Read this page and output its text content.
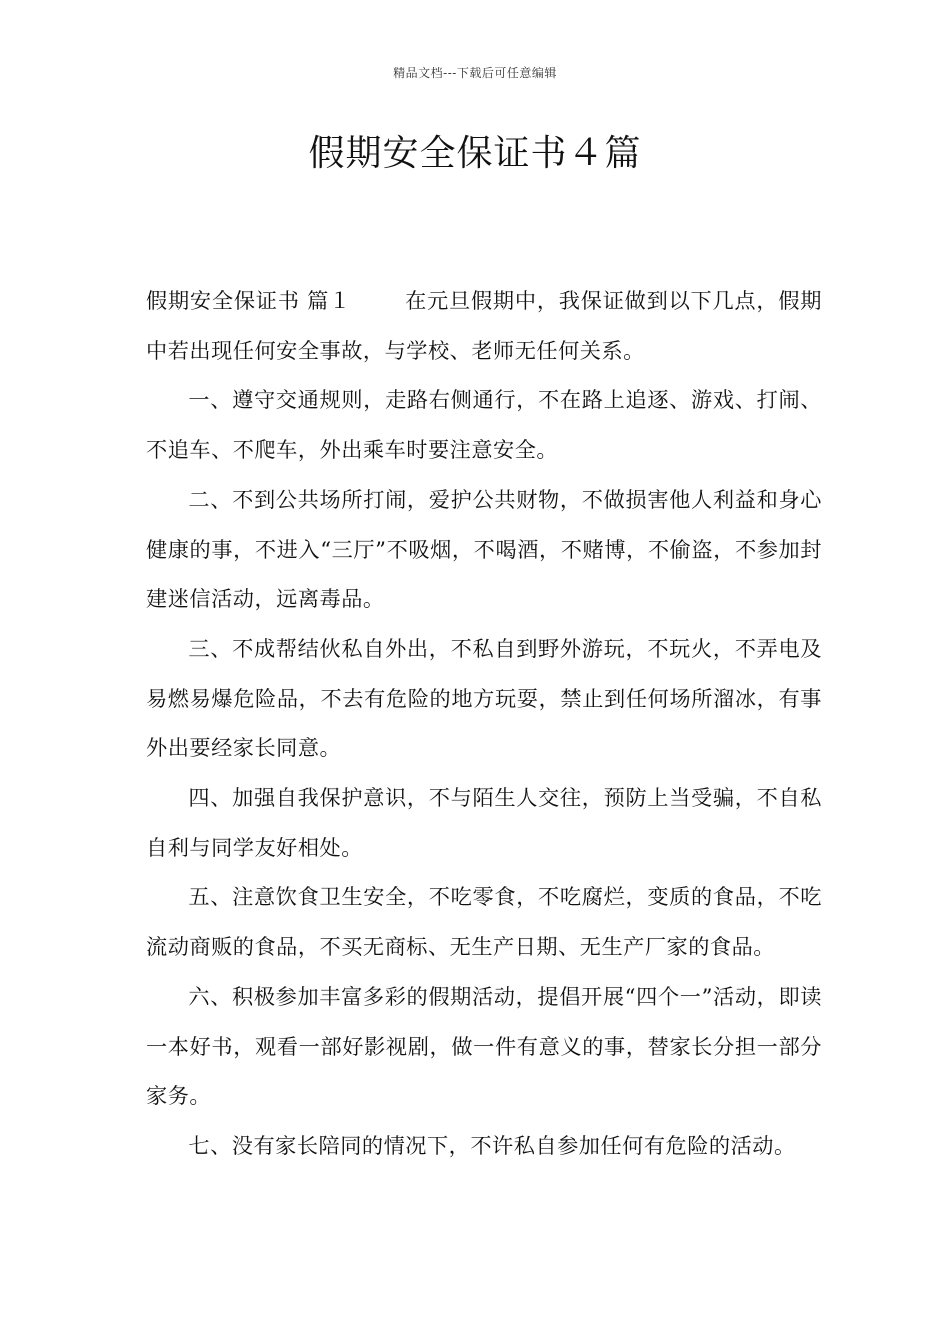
精品文档---下载后可任意编辑
假期安全保证书４篇

假期安全保证书 篇１	在元旦假期中，我保证做到以下几点，假期中若出现任何安全事故，与学校、老师无任何关系。

一、遵守交通规则，走路右侧通行，不在路上追逐、游戏、打闹、不追车、不爬车，外出乘车时要注意安全。

二、不到公共场所打闹，爱护公共财物，不做损害他人利益和身心健康的事，不进入“三厅”不吸烟，不喝酒，不赌博，不偷盗，不参加封建迷信活动，远离毒品。

三、不成帮结伙私自外出，不私自到野外游玩，不玩火，不弄电及易燃易爆危险品，不去有危险的地方玩耍，禁止到任何场所溜冰，有事外出要经家长同意。

四、加强自我保护意识，不与陌生人交往，预防上当受骗，不自私自利与同学友好相处。

五、注意饮食卫生安全，不吃零食，不吃腐烂，变质的食品，不吃流动商贩的食品，不买无商标、无生产日期、无生产厂家的食品。

六、积极参加丰富多彩的假期活动，提倡开展“四个一”活动，即读一本好书，观看一部好影视剧，做一件有意义的事，替家长分担一部分家务。

七、没有家长陪同的情况下，不许私自参加任何有危险的活动。
